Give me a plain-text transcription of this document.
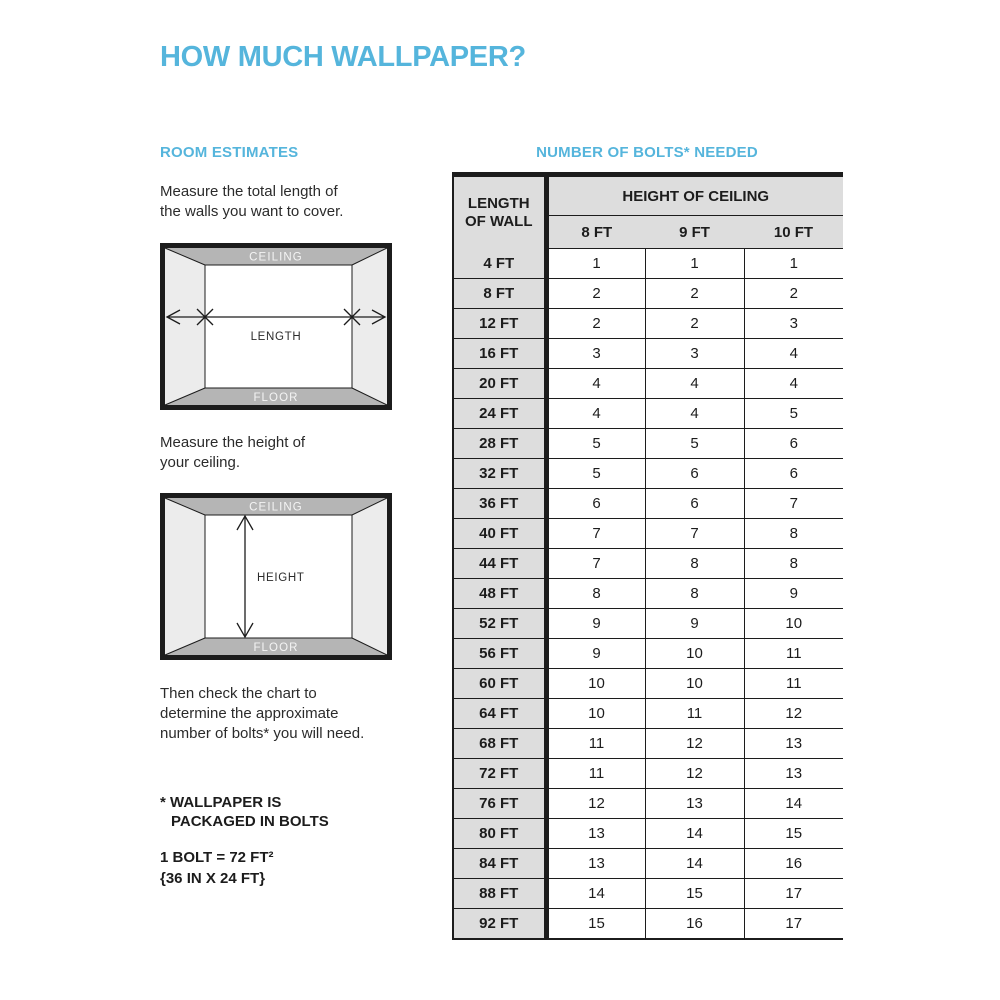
HOW MUCH WALLPAPER?
ROOM ESTIMATES

Measure the total length of
the walls you want to cover.

CEILING
FLOOR
LENGTH

Measure the height of
your ceiling.

CEILING
FLOOR
HEIGHT

Then check the chart to
determine the approximate
number of bolts* you will need.

* WALLPAPER IS
PACKAGED IN BOLTS

1 BOLT = 72 FT²
{36 IN X 24 FT}

NUMBER OF BOLTS* NEEDED
LENGTH
OF WALL	HEIGHT OF CEILING		
	8 FT	9 FT	10 FT
4 FT	1	1	1
8 FT	2	2	2
12 FT	2	2	3
16 FT	3	3	4
20 FT	4	4	4
24 FT	4	4	5
28 FT	5	5	6
32 FT	5	6	6
36 FT	6	6	7
40 FT	7	7	8
44 FT	7	8	8
48 FT	8	8	9
52 FT	9	9	10
56 FT	9	10	11
60 FT	10	10	11
64 FT	10	11	12
68 FT	11	12	13
72 FT	11	12	13
76 FT	12	13	14
80 FT	13	14	15
84 FT	13	14	16
88 FT	14	15	17
92 FT	15	16	17
